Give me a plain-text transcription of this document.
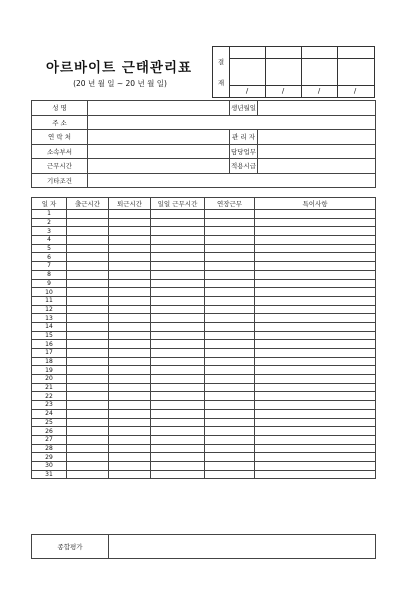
아르바이트 근태관리표
(20 년 월 일 ~ 20 년 월 일)
결
재
/	/	/	/
성 명		생년월일	
주 소			
연 락 처		관 리 자	
소속부서		담당업무	
근무시간		적용시급	
기타조건			
일 자	출근시간	퇴근시간	일일 근무시간	연장근무	특이사항
1					
2					
3					
4					
5					
6					
7					
8					
9					
10					
11					
12					
13					
14					
15					
16					
17					
18					
19					
20					
21					
22					
23					
24					
25					
26					
27					
28					
29					
30					
31					
종합평가	
